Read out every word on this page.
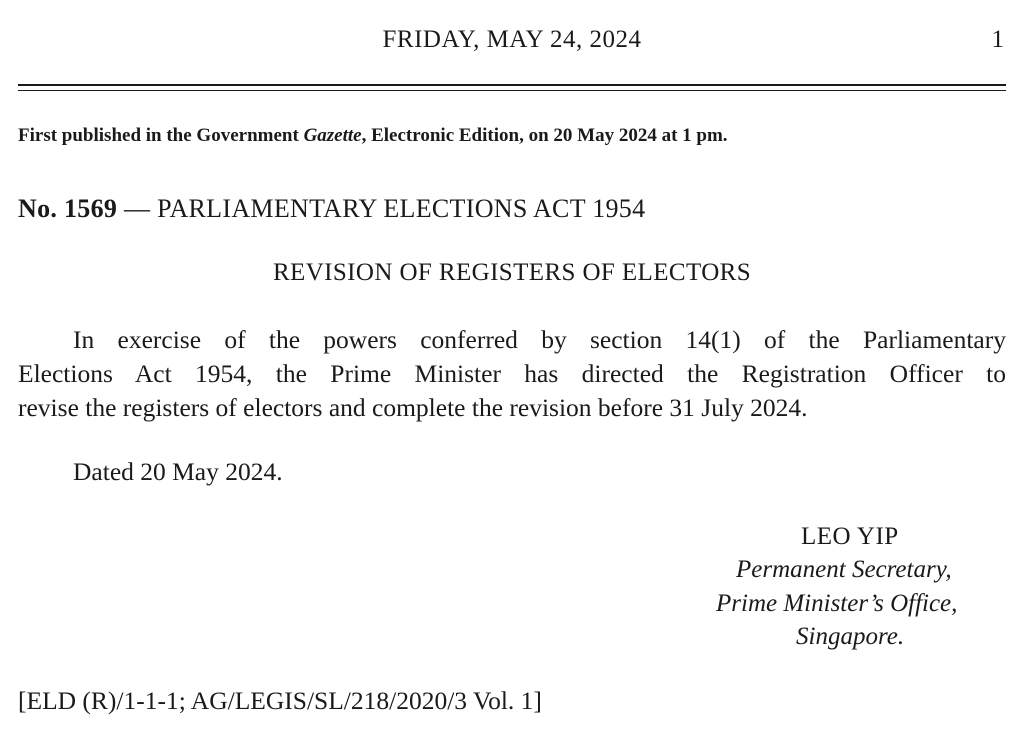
FRIDAY, MAY 24, 2024	1
First published in the Government Gazette, Electronic Edition, on 20 May 2024 at 1 pm.
No. 1569 — PARLIAMENTARY ELECTIONS ACT 1954
REVISION OF REGISTERS OF ELECTORS
In exercise of the powers conferred by section 14(1) of the Parliamentary
Elections Act 1954, the Prime Minister has directed the Registration Officer to
revise the registers of electors and complete the revision before 31 July 2024.
Dated 20 May 2024.
LEO YIP
Permanent Secretary,
Prime Minister’s Office,
Singapore.
[ELD (R)/1-1-1; AG/LEGIS/SL/218/2020/3 Vol. 1]
